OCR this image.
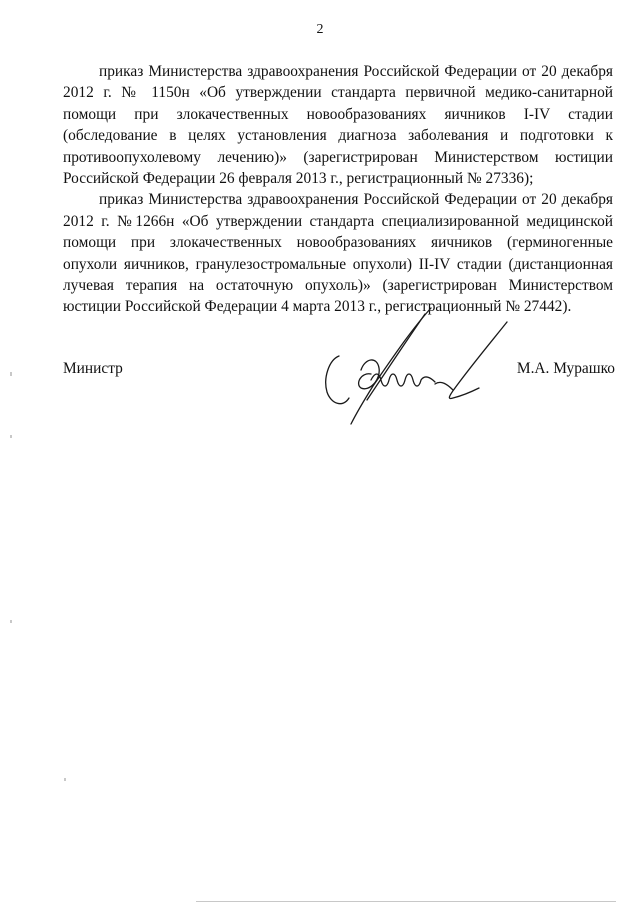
2

приказ Министерства здравоохранения Российской Федерации от 20 декабря 2012 г. № 1150н «Об утверждении стандарта первичной медико-санитарной помощи при злокачественных новообразованиях яичников I-IV стадии (обследование в целях установления диагноза заболевания и подготовки к противоопухолевому лечению)» (зарегистрирован Министерством юстиции Российской Федерации 26 февраля 2013 г., регистрационный № 27336);

приказ Министерства здравоохранения Российской Федерации от 20 декабря 2012 г. №1266н «Об утверждении стандарта специализированной медицинской помощи при злокачественных новообразованиях яичников (герминогенные опухоли яичников, гранулезостромальные опухоли) II-IV стадии (дистанционная лучевая терапия на остаточную опухоль)» (зарегистрирован Министерством юстиции Российской Федерации 4 марта 2013 г., регистрационный № 27442).

Министр	М.А. Мурашко
